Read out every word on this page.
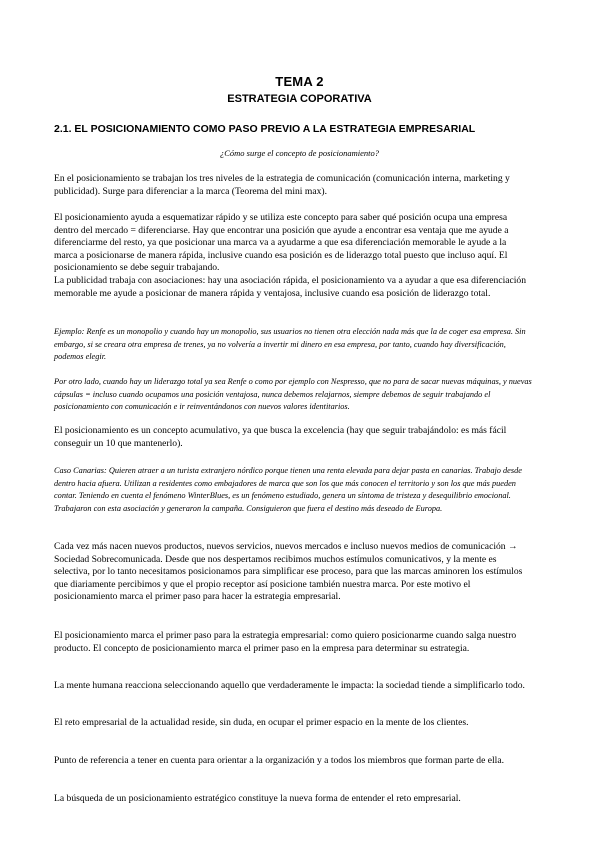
TEMA 2
ESTRATEGIA COPORATIVA
2.1. EL POSICIONAMIENTO COMO PASO PREVIO A LA ESTRATEGIA EMPRESARIAL

¿Cómo surge el concepto de posicionamiento?

En el posicionamiento se trabajan los tres niveles de la estrategia de comunicación (comunicación interna, marketing y publicidad). Surge para diferenciar a la marca (Teorema del mini max).

El posicionamiento ayuda a esquematizar rápido y se utiliza este concepto para saber qué posición ocupa una empresa dentro del mercado = diferenciarse. Hay que encontrar una posición que ayude a encontrar esa ventaja que me ayude a diferenciarme del resto, ya que posicionar una marca va a ayudarme a que esa diferenciación memorable le ayude a la marca a posicionarse de manera rápida, inclusive cuando esa posición es de liderazgo total puesto que incluso aquí. El posicionamiento se debe seguir trabajando.

La publicidad trabaja con asociaciones: hay una asociación rápida, el posicionamiento va a ayudar a que esa diferenciación memorable me ayude a posicionar de manera rápida y ventajosa, inclusive cuando esa posición de liderazgo total.

Ejemplo: Renfe es un monopolio y cuando hay un monopolio, sus usuarios no tienen otra elección nada más que la de coger esa empresa. Sin embargo, si se creara otra empresa de trenes, ya no volvería a invertir mi dinero en esa empresa, por tanto, cuando hay diversificación, podemos elegir.

Por otro lado, cuando hay un liderazgo total ya sea Renfe o como por ejemplo con Nespresso, que no para de sacar nuevas máquinas, y nuevas cápsulas = incluso cuando ocupamos una posición ventajosa, nunca debemos relajarnos, siempre debemos de seguir trabajando el posicionamiento con comunicación e ir reinventándonos con nuevos valores identitarios.

El posicionamiento es un concepto acumulativo, ya que busca la excelencia (hay que seguir trabajándolo: es más fácil conseguir un 10 que mantenerlo).

Caso Canarias: Quieren atraer a un turista extranjero nórdico porque tienen una renta elevada para dejar pasta en canarias. Trabajo desde dentro hacia afuera. Utilizan a residentes como embajadores de marca que son los que más conocen el territorio y son los que más pueden contar. Teniendo en cuenta el fenómeno WinterBlues, es un fenómeno estudiado, genera un síntoma de tristeza y desequilibrio emocional. Trabajaron con esta asociación y generaron la campaña. Consiguieron que fuera el destino más deseado de Europa.

Cada vez más nacen nuevos productos, nuevos servicios, nuevos mercados e incluso nuevos medios de comunicación → Sociedad Sobrecomunicada. Desde que nos despertamos recibimos muchos estímulos comunicativos, y la mente es selectiva, por lo tanto necesitamos posicionamos para simplificar ese proceso, para que las marcas aminoren los estímulos que diariamente percibimos y que el propio receptor así posicione también nuestra marca. Por este motivo el posicionamiento marca el primer paso para hacer la estrategia empresarial.

El posicionamiento marca el primer paso para la estrategia empresarial: como quiero posicionarme cuando salga nuestro producto. El concepto de posicionamiento marca el primer paso en la empresa para determinar su estrategia.

La mente humana reacciona seleccionando aquello que verdaderamente le impacta: la sociedad tiende a simplificarlo todo.

El reto empresarial de la actualidad reside, sin duda, en ocupar el primer espacio en la mente de los clientes.

Punto de referencia a tener en cuenta para orientar a la organización y a todos los miembros que forman parte de ella.

La búsqueda de un posicionamiento estratégico constituye la nueva forma de entender el reto empresarial.
